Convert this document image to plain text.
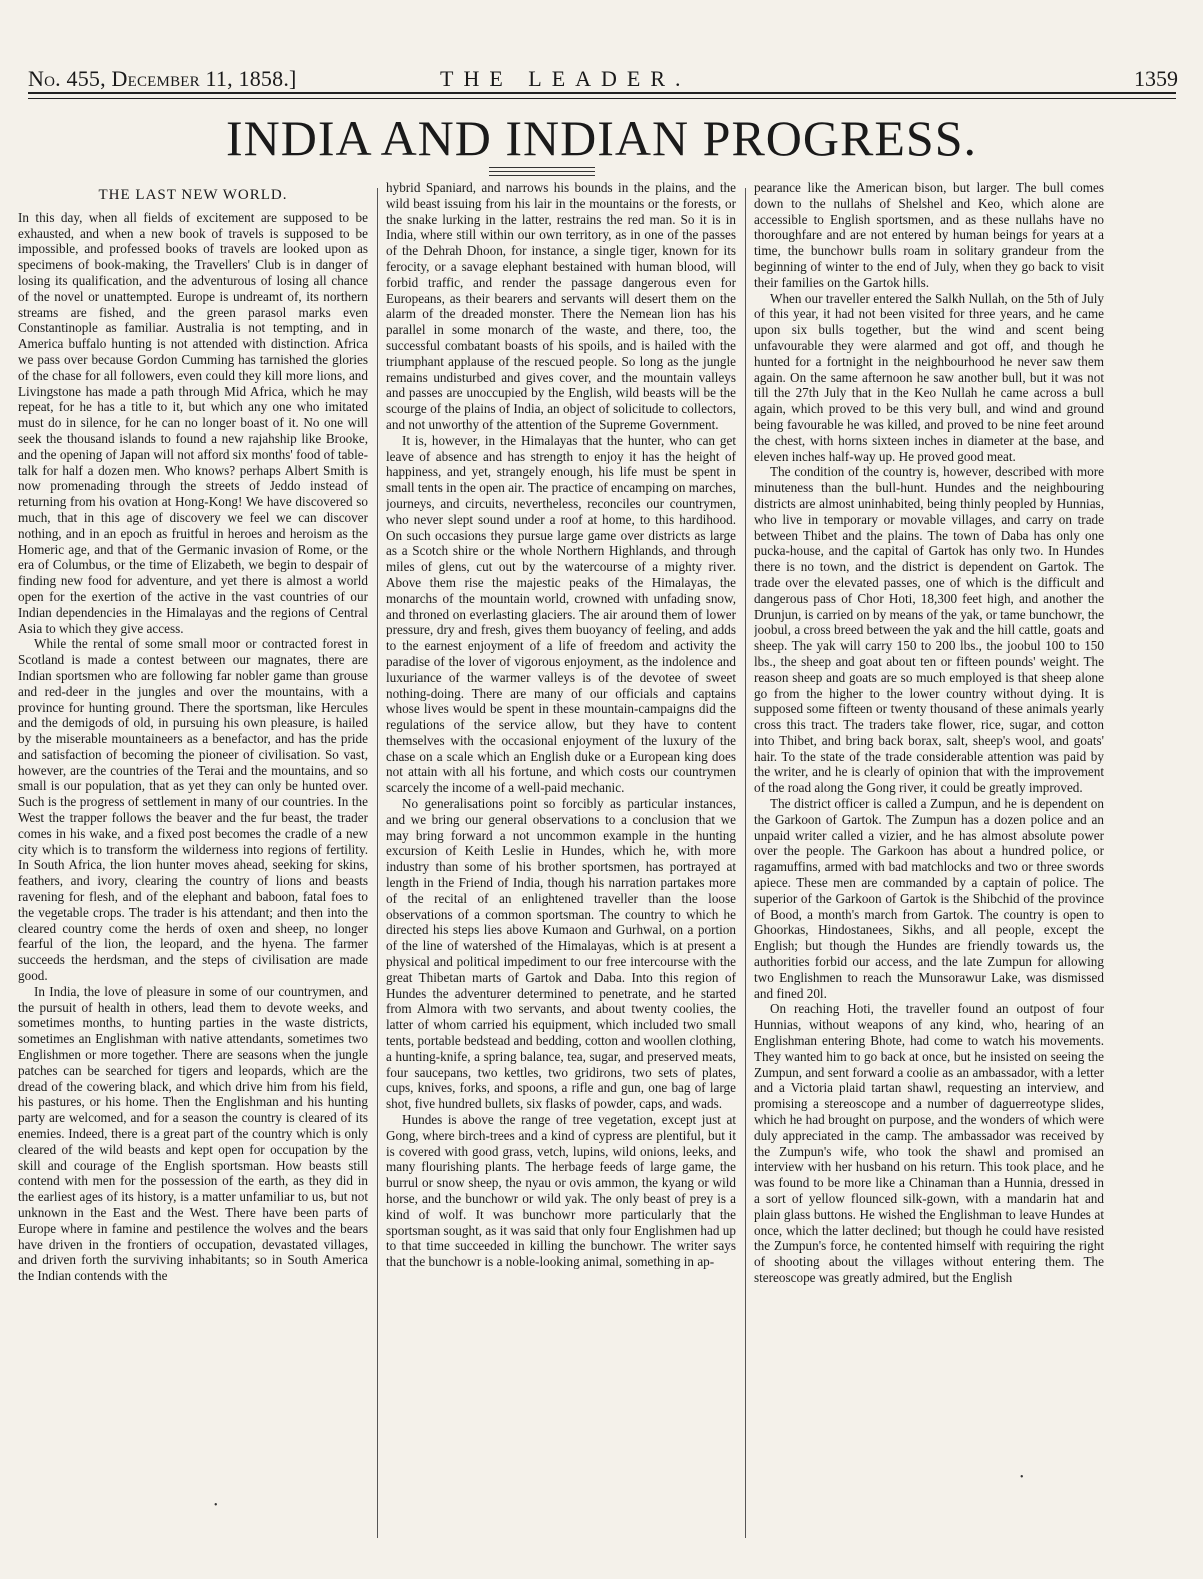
No. 455, December 11, 1858.]	THE LEADER.	1359
INDIA AND INDIAN PROGRESS.
THE LAST NEW WORLD.

In this day, when all fields of excitement are supposed to be exhausted, and when a new book of travels is supposed to be impossible, and professed books of travels are looked upon as specimens of book-making, the Travellers' Club is in danger of losing its qualification, and the adventurous of losing all chance of the novel or unattempted. Europe is undreamt of, its northern streams are fished, and the green parasol marks even Constantinople as familiar. Australia is not tempting, and in America buffalo hunting is not attended with distinction. Africa we pass over because Gordon Cumming has tarnished the glories of the chase for all followers, even could they kill more lions, and Livingstone has made a path through Mid Africa, which he may repeat, for he has a title to it, but which any one who imitated must do in silence, for he can no longer boast of it. No one will seek the thousand islands to found a new rajahship like Brooke, and the opening of Japan will not afford six months' food of table-talk for half a dozen men. Who knows? perhaps Albert Smith is now promenading through the streets of Jeddo instead of returning from his ovation at Hong-Kong! We have discovered so much, that in this age of discovery we feel we can discover nothing, and in an epoch as fruitful in heroes and heroism as the Homeric age, and that of the Germanic invasion of Rome, or the era of Columbus, or the time of Elizabeth, we begin to despair of finding new food for adventure, and yet there is almost a world open for the exertion of the active in the vast countries of our Indian dependencies in the Himalayas and the regions of Central Asia to which they give access.

While the rental of some small moor or contracted forest in Scotland is made a contest between our magnates, there are Indian sportsmen who are following far nobler game than grouse and red-deer in the jungles and over the mountains, with a province for hunting ground. There the sportsman, like Hercules and the demigods of old, in pursuing his own pleasure, is hailed by the miserable mountaineers as a benefactor, and has the pride and satisfaction of becoming the pioneer of civilisation. So vast, however, are the countries of the Terai and the mountains, and so small is our population, that as yet they can only be hunted over. Such is the progress of settlement in many of our countries. In the West the trapper follows the beaver and the fur beast, the trader comes in his wake, and a fixed post becomes the cradle of a new city which is to transform the wilderness into regions of fertility. In South Africa, the lion hunter moves ahead, seeking for skins, feathers, and ivory, clearing the country of lions and beasts ravening for flesh, and of the elephant and baboon, fatal foes to the vegetable crops. The trader is his attendant; and then into the cleared country come the herds of oxen and sheep, no longer fearful of the lion, the leopard, and the hyena. The farmer succeeds the herdsman, and the steps of civilisation are made good.

In India, the love of pleasure in some of our countrymen, and the pursuit of health in others, lead them to devote weeks, and sometimes months, to hunting parties in the waste districts, sometimes an Englishman with native attendants, sometimes two Englishmen or more together. There are seasons when the jungle patches can be searched for tigers and leopards, which are the dread of the cowering black, and which drive him from his field, his pastures, or his home. Then the Englishman and his hunting party are welcomed, and for a season the country is cleared of its enemies. Indeed, there is a great part of the country which is only cleared of the wild beasts and kept open for occupation by the skill and courage of the English sportsman. How beasts still contend with men for the possession of the earth, as they did in the earliest ages of its history, is a matter unfamiliar to us, but not unknown in the East and the West. There have been parts of Europe where in famine and pestilence the wolves and the bears have driven in the frontiers of occupation, devastated villages, and driven forth the surviving inhabitants; so in South America the Indian contends with the

hybrid Spaniard, and narrows his bounds in the plains, and the wild beast issuing from his lair in the mountains or the forests, or the snake lurking in the latter, restrains the red man. So it is in India, where still within our own territory, as in one of the passes of the Dehrah Dhoon, for instance, a single tiger, known for its ferocity, or a savage elephant bestained with human blood, will forbid traffic, and render the passage dangerous even for Europeans, as their bearers and servants will desert them on the alarm of the dreaded monster. There the Nemean lion has his parallel in some monarch of the waste, and there, too, the successful combatant boasts of his spoils, and is hailed with the triumphant applause of the rescued people. So long as the jungle remains undisturbed and gives cover, and the mountain valleys and passes are unoccupied by the English, wild beasts will be the scourge of the plains of India, an object of solicitude to collectors, and not unworthy of the attention of the Supreme Government.

It is, however, in the Himalayas that the hunter, who can get leave of absence and has strength to enjoy it has the height of happiness, and yet, strangely enough, his life must be spent in small tents in the open air. The practice of encamping on marches, journeys, and circuits, nevertheless, reconciles our countrymen, who never slept sound under a roof at home, to this hardihood. On such occasions they pursue large game over districts as large as a Scotch shire or the whole Northern Highlands, and through miles of glens, cut out by the watercourse of a mighty river. Above them rise the majestic peaks of the Himalayas, the monarchs of the mountain world, crowned with unfading snow, and throned on everlasting glaciers. The air around them of lower pressure, dry and fresh, gives them buoyancy of feeling, and adds to the earnest enjoyment of a life of freedom and activity the paradise of the lover of vigorous enjoyment, as the indolence and luxuriance of the warmer valleys is of the devotee of sweet nothing-doing. There are many of our officials and captains whose lives would be spent in these mountain-campaigns did the regulations of the service allow, but they have to content themselves with the occasional enjoyment of the luxury of the chase on a scale which an English duke or a European king does not attain with all his fortune, and which costs our countrymen scarcely the income of a well-paid mechanic.

No generalisations point so forcibly as particular instances, and we bring our general observations to a conclusion that we may bring forward a not uncommon example in the hunting excursion of Keith Leslie in Hundes, which he, with more industry than some of his brother sportsmen, has portrayed at length in the Friend of India, though his narration partakes more of the recital of an enlightened traveller than the loose observations of a common sportsman. The country to which he directed his steps lies above Kumaon and Gurhwal, on a portion of the line of watershed of the Himalayas, which is at present a physical and political impediment to our free intercourse with the great Thibetan marts of Gartok and Daba. Into this region of Hundes the adventurer determined to penetrate, and he started from Almora with two servants, and about twenty coolies, the latter of whom carried his equipment, which included two small tents, portable bedstead and bedding, cotton and woollen clothing, a hunting-knife, a spring balance, tea, sugar, and preserved meats, four saucepans, two kettles, two gridirons, two sets of plates, cups, knives, forks, and spoons, a rifle and gun, one bag of large shot, five hundred bullets, six flasks of powder, caps, and wads.

Hundes is above the range of tree vegetation, except just at Gong, where birch-trees and a kind of cypress are plentiful, but it is covered with good grass, vetch, lupins, wild onions, leeks, and many flourishing plants. The herbage feeds of large game, the burrul or snow sheep, the nyau or ovis ammon, the kyang or wild horse, and the bunchowr or wild yak. The only beast of prey is a kind of wolf. It was bunchowr more particularly that the sportsman sought, as it was said that only four Englishmen had up to that time succeeded in killing the bunchowr. The writer says that the bunchowr is a noble-looking animal, something in ap-

pearance like the American bison, but larger. The bull comes down to the nullahs of Shelshel and Keo, which alone are accessible to English sportsmen, and as these nullahs have no thoroughfare and are not entered by human beings for years at a time, the bunchowr bulls roam in solitary grandeur from the beginning of winter to the end of July, when they go back to visit their families on the Gartok hills.

When our traveller entered the Salkh Nullah, on the 5th of July of this year, it had not been visited for three years, and he came upon six bulls together, but the wind and scent being unfavourable they were alarmed and got off, and though he hunted for a fortnight in the neighbourhood he never saw them again. On the same afternoon he saw another bull, but it was not till the 27th July that in the Keo Nullah he came across a bull again, which proved to be this very bull, and wind and ground being favourable he was killed, and proved to be nine feet around the chest, with horns sixteen inches in diameter at the base, and eleven inches half-way up. He proved good meat.

The condition of the country is, however, described with more minuteness than the bull-hunt. Hundes and the neighbouring districts are almost uninhabited, being thinly peopled by Hunnias, who live in temporary or movable villages, and carry on trade between Thibet and the plains. The town of Daba has only one pucka-house, and the capital of Gartok has only two. In Hundes there is no town, and the district is dependent on Gartok. The trade over the elevated passes, one of which is the difficult and dangerous pass of Chor Hoti, 18,300 feet high, and another the Drunjun, is carried on by means of the yak, or tame bunchowr, the joobul, a cross breed between the yak and the hill cattle, goats and sheep. The yak will carry 150 to 200 lbs., the joobul 100 to 150 lbs., the sheep and goat about ten or fifteen pounds' weight. The reason sheep and goats are so much employed is that sheep alone go from the higher to the lower country without dying. It is supposed some fifteen or twenty thousand of these animals yearly cross this tract. The traders take flower, rice, sugar, and cotton into Thibet, and bring back borax, salt, sheep's wool, and goats' hair. To the state of the trade considerable attention was paid by the writer, and he is clearly of opinion that with the improvement of the road along the Gong river, it could be greatly improved.

The district officer is called a Zumpun, and he is dependent on the Garkoon of Gartok. The Zumpun has a dozen police and an unpaid writer called a vizier, and he has almost absolute power over the people. The Garkoon has about a hundred police, or ragamuffins, armed with bad matchlocks and two or three swords apiece. These men are commanded by a captain of police. The superior of the Garkoon of Gartok is the Shibchid of the province of Bood, a month's march from Gartok. The country is open to Ghoorkas, Hindostanees, Sikhs, and all people, except the English; but though the Hundes are friendly towards us, the authorities forbid our access, and the late Zumpun for allowing two Englishmen to reach the Munsorawur Lake, was dismissed and fined 20l.

On reaching Hoti, the traveller found an outpost of four Hunnias, without weapons of any kind, who, hearing of an Englishman entering Bhote, had come to watch his movements. They wanted him to go back at once, but he insisted on seeing the Zumpun, and sent forward a coolie as an ambassador, with a letter and a Victoria plaid tartan shawl, requesting an interview, and promising a stereoscope and a number of daguerreotype slides, which he had brought on purpose, and the wonders of which were duly appreciated in the camp. The ambassador was received by the Zumpun's wife, who took the shawl and promised an interview with her husband on his return. This took place, and he was found to be more like a Chinaman than a Hunnia, dressed in a sort of yellow flounced silk-gown, with a mandarin hat and plain glass buttons. He wished the Englishman to leave Hundes at once, which the latter declined; but though he could have resisted the Zumpun's force, he contented himself with requiring the right of shooting about the villages without entering them. The stereoscope was greatly admired, but the English

•
•
